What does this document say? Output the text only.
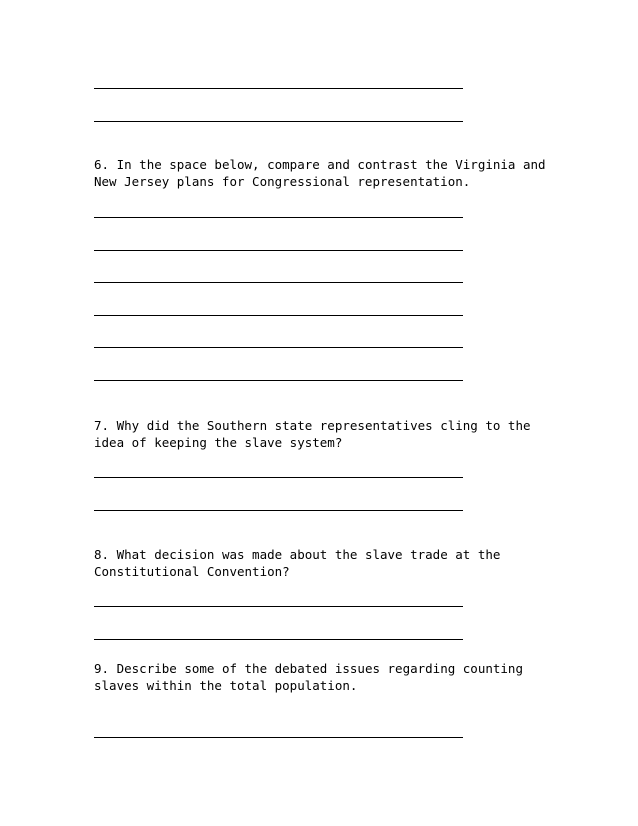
6. In the space below, compare and contrast the Virginia and New Jersey plans for Congressional representation.
7. Why did the Southern state representatives cling to the idea of keeping the slave system?
8. What decision was made about the slave trade at the Constitutional Convention?
9. Describe some of the debated issues regarding counting slaves within the total population.
